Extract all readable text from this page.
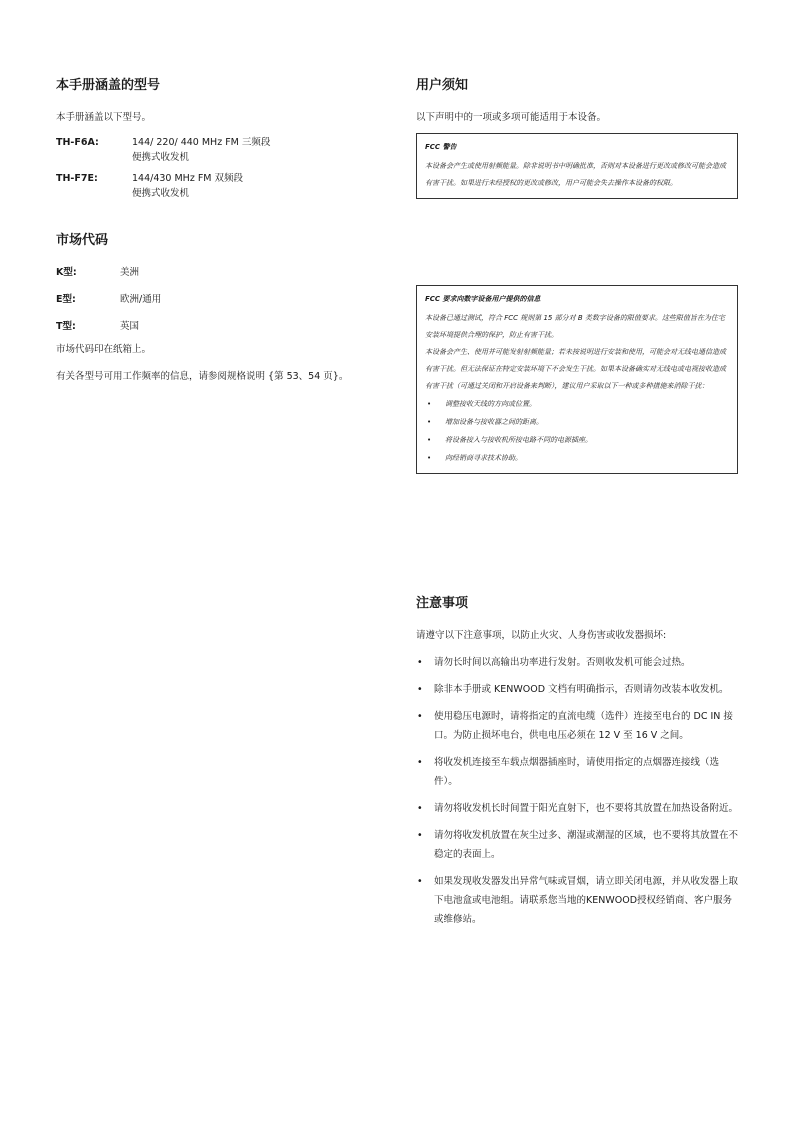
本手册涵盖的型号

本手册涵盖以下型号。

TH-F6A:	144/ 220/ 440 MHz FM 三频段
便携式收发机
TH-F7E:	144/430 MHz FM 双频段
便携式收发机
市场代码
K型:	美洲
E型:	欧洲/通用
T型:	英国

市场代码印在纸箱上。

有关各型号可用工作频率的信息，请参阅规格说明 {第 53、54 页}。

用户须知

以下声明中的一项或多项可能适用于本设备。

FCC 警告
本设备会产生或使用射频能量。除非说明书中明确批准，否则对本设备进行更改或修改可能会造成有害干扰。如果进行未经授权的更改或修改，用户可能会失去操作本设备的权限。
FCC 要求向数字设备用户提供的信息
本设备已通过测试，符合 FCC 规则第 15 部分对 B 类数字设备的限值要求。这些限值旨在为住宅安装环境提供合理的保护，防止有害干扰。
本设备会产生、使用并可能发射射频能量；若未按说明进行安装和使用，可能会对无线电通信造成有害干扰。但无法保证在特定安装环境下不会发生干扰。如果本设备确实对无线电或电视接收造成有害干扰（可通过关闭和开启设备来判断），建议用户采取以下一种或多种措施来消除干扰：
• 调整接收天线的方向或位置。
• 增加设备与接收器之间的距离。
• 将设备接入与接收机所接电路不同的电源插座。
• 向经销商寻求技术协助。
注意事项

请遵守以下注意事项，以防止火灾、人身伤害或收发器损坏:

• 请勿长时间以高输出功率进行发射。否则收发机可能会过热。
• 除非本手册或 KENWOOD 文档有明确指示，否则请勿改装本收发机。
• 使用稳压电源时，请将指定的直流电缆（选件）连接至电台的 DC IN 接口。为防止损坏电台，供电电压必须在 12 V 至 16 V 之间。
• 将收发机连接至车载点烟器插座时，请使用指定的点烟器连接线（选件）。
• 请勿将收发机长时间置于阳光直射下，也不要将其放置在加热设备附近。
• 请勿将收发机放置在灰尘过多、潮湿或潮湿的区域，也不要将其放置在不稳定的表面上。
• 如果发现收发器发出异常气味或冒烟，请立即关闭电源，并从收发器上取下电池盒或电池组。请联系您当地的KENWOOD授权经销商、客户服务或维修站。
